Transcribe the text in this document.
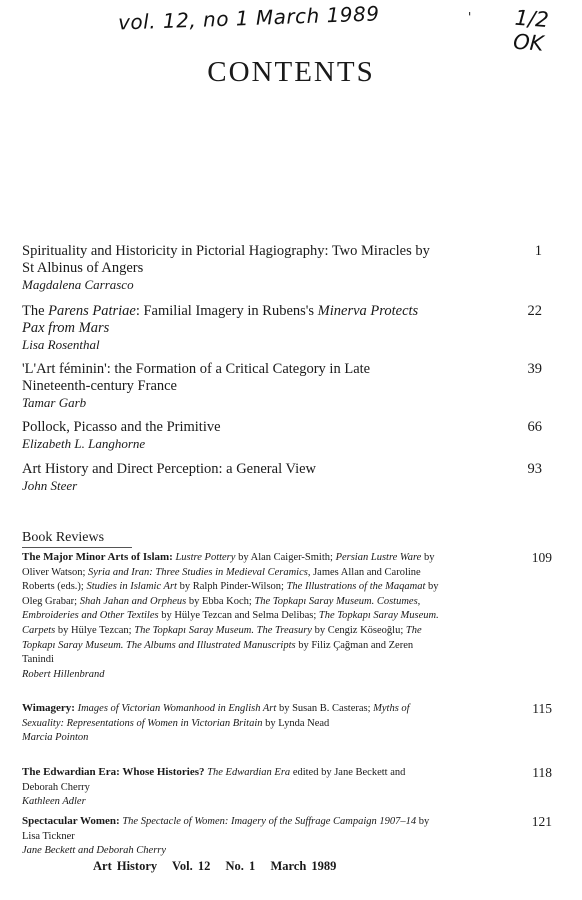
vol. 12, no 1 March 1989	' 1/2 OK
CONTENTS
Spirituality and Historicity in Pictorial Hagiography: Two Miracles by St Albinus of Angers
Magdalena Carrasco
1
The Parens Patriae: Familial Imagery in Rubens's Minerva Protects Pax from Mars
Lisa Rosenthal
22
'L'Art féminin': the Formation of a Critical Category in Late Nineteenth-century France
Tamar Garb
39
Pollock, Picasso and the Primitive
Elizabeth L. Langhorne
66
Art History and Direct Perception: a General View
John Steer
93
Book Reviews
The Major Minor Arts of Islam: Lustre Pottery by Alan Caiger-Smith; Persian Lustre Ware by Oliver Watson; Syria and Iran: Three Studies in Medieval Ceramics, James Allan and Caroline Roberts (eds.); Studies in Islamic Art by Ralph Pinder-Wilson; The Illustrations of the Maqamat by Oleg Grabar; Shah Jahan and Orpheus by Ebba Koch; The Topkapı Saray Museum. Costumes, Embroideries and Other Textiles by Hülye Tezcan and Selma Delibas; The Topkapı Saray Museum. Carpets by Hülye Tezcan; The Topkapı Saray Museum. The Treasury by Cengiz Köseoğlu; The Topkapı Saray Museum. The Albums and Illustrated Manuscripts by Filiz Çağman and Zeren Tanindi
Robert Hillenbrand
109
Wimagery: Images of Victorian Womanhood in English Art by Susan B. Casteras; Myths of Sexuality: Representations of Women in Victorian Britain by Lynda Nead
Marcia Pointon
115
The Edwardian Era: Whose Histories? The Edwardian Era edited by Jane Beckett and Deborah Cherry
Kathleen Adler
118
Spectacular Women: The Spectacle of Women: Imagery of the Suffrage Campaign 1907–14 by Lisa Tickner
Jane Beckett and Deborah Cherry
121
Art History Vol. 12 No. 1 March 1989
